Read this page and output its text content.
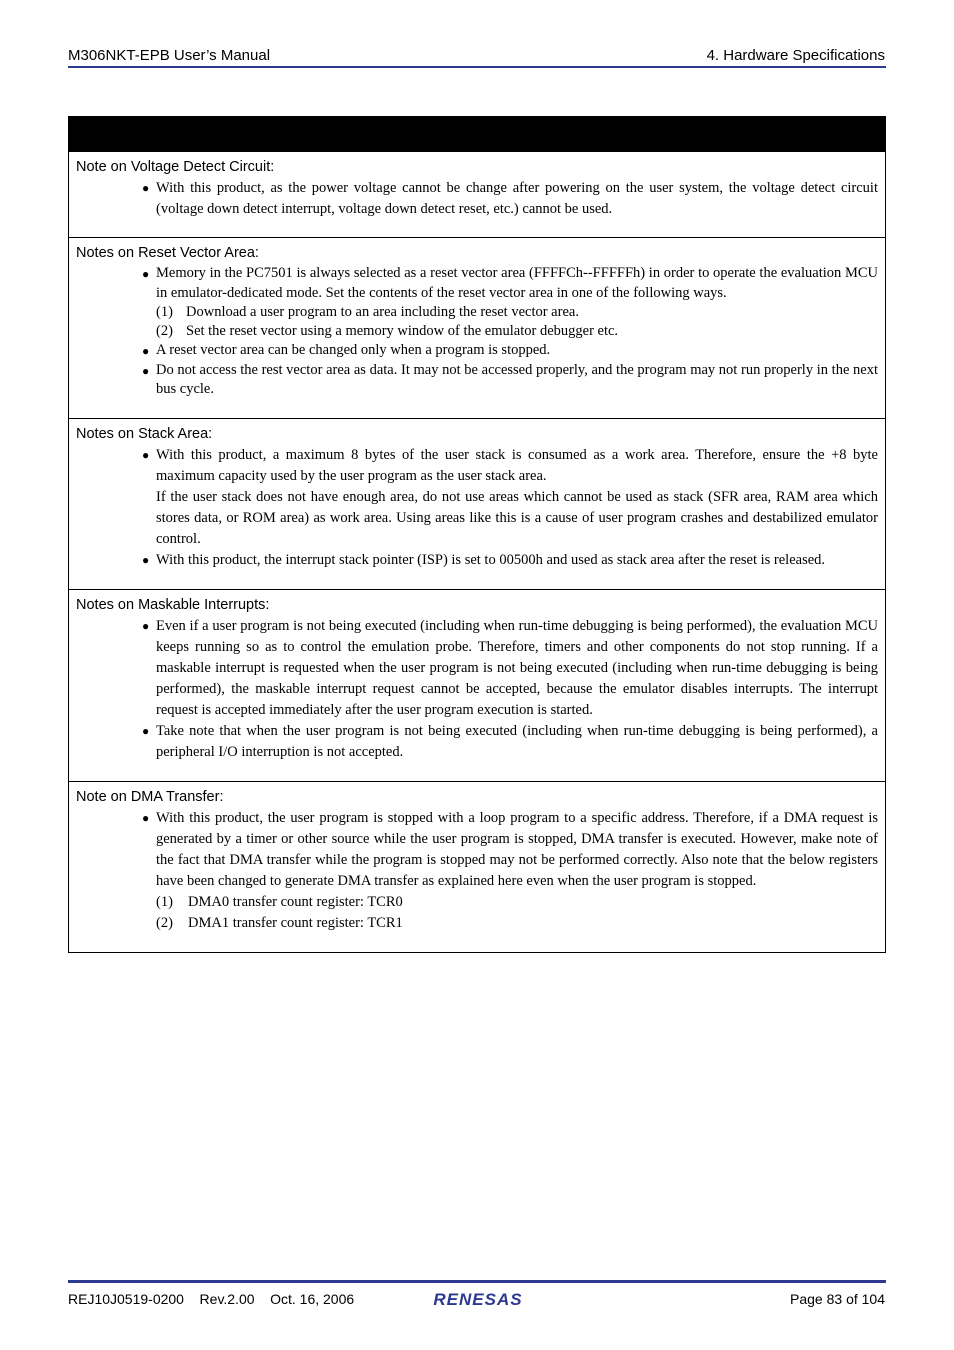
M306NKT-EPB User’s Manual	4. Hardware Specifications
Note on Voltage Detect Circuit:
● With this product, as the power voltage cannot be change after powering on the user system, the voltage detect circuit (voltage down detect interrupt, voltage down detect reset, etc.) cannot be used.
Notes on Reset Vector Area:
● Memory in the PC7501 is always selected as a reset vector area (FFFFCh--FFFFFh) in order to operate the evaluation MCU in emulator-dedicated mode. Set the contents of the reset vector area in one of the following ways.
(1) Download a user program to an area including the reset vector area.
(2) Set the reset vector using a memory window of the emulator debugger etc.
● A reset vector area can be changed only when a program is stopped.
● Do not access the rest vector area as data. It may not be accessed properly, and the program may not run properly in the next bus cycle.
Notes on Stack Area:
● With this product, a maximum 8 bytes of the user stack is consumed as a work area. Therefore, ensure the +8 byte maximum capacity used by the user program as the user stack area.

If the user stack does not have enough area, do not use areas which cannot be used as stack (SFR area, RAM area which stores data, or ROM area) as work area. Using areas like this is a cause of user program crashes and destabilized emulator control.

● With this product, the interrupt stack pointer (ISP) is set to 00500h and used as stack area after the reset is released.
Notes on Maskable Interrupts:
● Even if a user program is not being executed (including when run-time debugging is being performed), the evaluation MCU keeps running so as to control the emulation probe. Therefore, timers and other components do not stop running. If a maskable interrupt is requested when the user program is not being executed (including when run-time debugging is being performed), the maskable interrupt request cannot be accepted, because the emulator disables interrupts. The interrupt request is accepted immediately after the user program execution is started.
● Take note that when the user program is not being executed (including when run-time debugging is being performed), a peripheral I/O interruption is not accepted.
Note on DMA Transfer:
● With this product, the user program is stopped with a loop program to a specific address. Therefore, if a DMA request is generated by a timer or other source while the user program is stopped, DMA transfer is executed. However, make note of the fact that DMA transfer while the program is stopped may not be performed correctly. Also note that the below registers have been changed to generate DMA transfer as explained here even when the user program is stopped.
(1) DMA0 transfer count register: TCR0
(2) DMA1 transfer count register: TCR1
REJ10J0519-0200 Rev.2.00 Oct. 16, 2006	RENESAS	Page 83 of 104
